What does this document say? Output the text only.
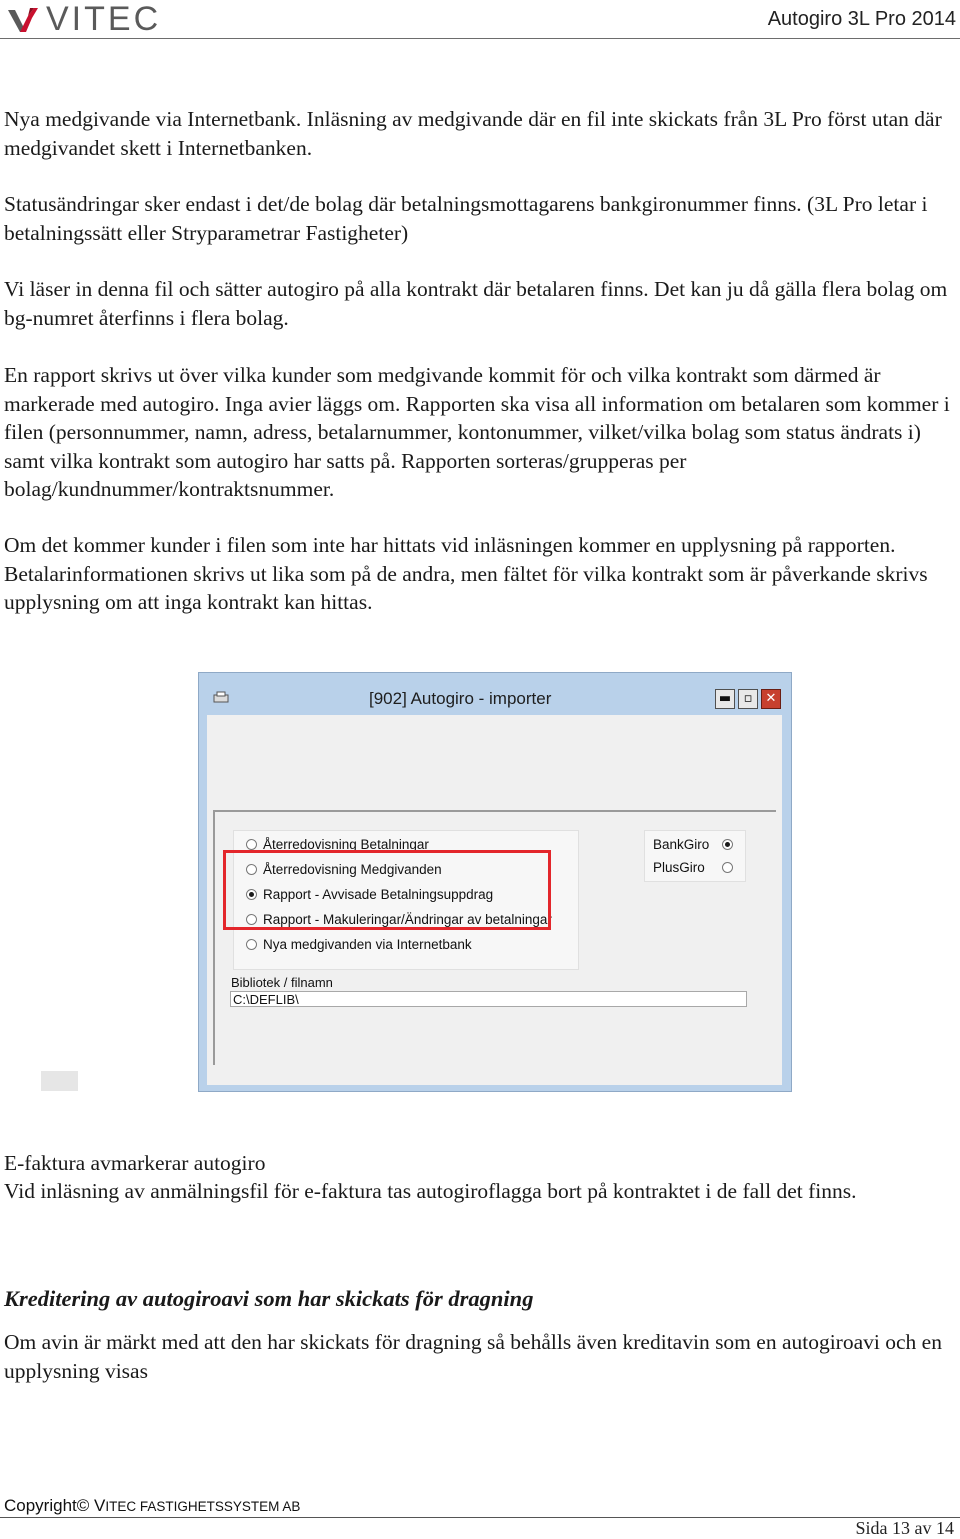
VITEC	Autogiro 3L Pro 2014

Nya medgivande via Internetbank. Inläsning av medgivande där en fil inte skickats från 3L Pro först utan där medgivandet skett i Internetbanken.

Statusändringar sker endast i det/de bolag där betalningsmottagarens bankgironummer finns. (3L Pro letar i betalningssätt eller Stryparametrar Fastigheter)

Vi läser in denna fil och sätter autogiro på alla kontrakt där betalaren finns. Det kan ju då gälla flera bolag om bg-numret återfinns i flera bolag.

En rapport skrivs ut över vilka kunder som medgivande kommit för och vilka kontrakt som därmed är markerade med autogiro. Inga avier läggs om. Rapporten ska visa all information om betalaren som kommer i filen (personnummer, namn, adress, betalarnummer, kontonummer, vilket/vilka bolag som status ändrats i) samt vilka kontrakt som autogiro har satts på. Rapporten sorteras/grupperas per bolag/kundnummer/kontraktsnummer.

Om det kommer kunder i filen som inte har hittats vid inläsningen kommer en upplysning på rapporten. Betalarinformationen skrivs ut lika som på de andra, men fältet för vilka kontrakt som är påverkande skrivs upplysning om att inga kontrakt kan hittas.

[902] Autogiro - importer	▬ ▫	✕
Återredovisning Betalningar
Återredovisning Medgivanden
Rapport - Avvisade Betalningsuppdrag
Rapport - Makuleringar/Ändringar av betalningar
Nya medgivanden via Internetbank
BankGiro
PlusGiro
Bibliotek / filnamn
C:\DEFLIB\

E-faktura avmarkerar autogiro

Vid inläsning av anmälningsfil för e-faktura tas autogiroflagga bort på kontraktet i de fall det finns.

Kreditering av autogiroavi som har skickats för dragning

Om avin är märkt med att den har skickats för dragning så behålls även kreditavin som en autogiroavi och en upplysning visas

Copyright© VITEC FASTIGHETSSYSTEM AB
Sida 13 av 14
